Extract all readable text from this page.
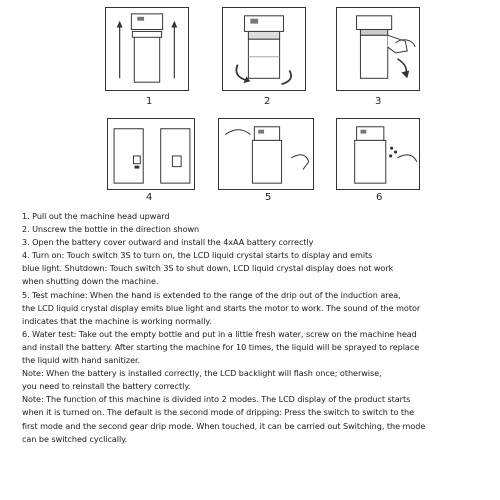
1	2	3
4	5	6
1. Pull out the machine head upward
2. Unscrew the bottle in the direction shown
3. Open the battery cover outward and install the 4xAA battery correctly
4. Turn on: Touch switch 3S to turn on, the LCD liquid crystal starts to display and emits
blue light. Shutdown: Touch switch 3S to shut down, LCD liquid crystal display does not work
when shutting down the machine.
5. Test machine: When the hand is extended to the range of the drip out of the induction area,
the LCD liquid crystal display emits blue light and starts the motor to work. The sound of the motor
indicates that the machine is working normally.
6. Water test: Take out the empty bottle and put in a little fresh water, screw on the machine head
and install the battery. After starting the machine for 10 times, the liquid will be sprayed to replace
the liquid with hand sanitizer.
Note: When the battery is installed correctly, the LCD backlight will flash once; otherwise,
you need to reinstall the battery correctly.
Note: The function of this machine is divided into 2 modes. The LCD display of the product starts
when it is turned on. The default is the second mode of dripping: Press the switch to switch to the
first mode and the second gear drip mode. When touched, it can be carried out Switching, the mode
can be switched cyclically.
